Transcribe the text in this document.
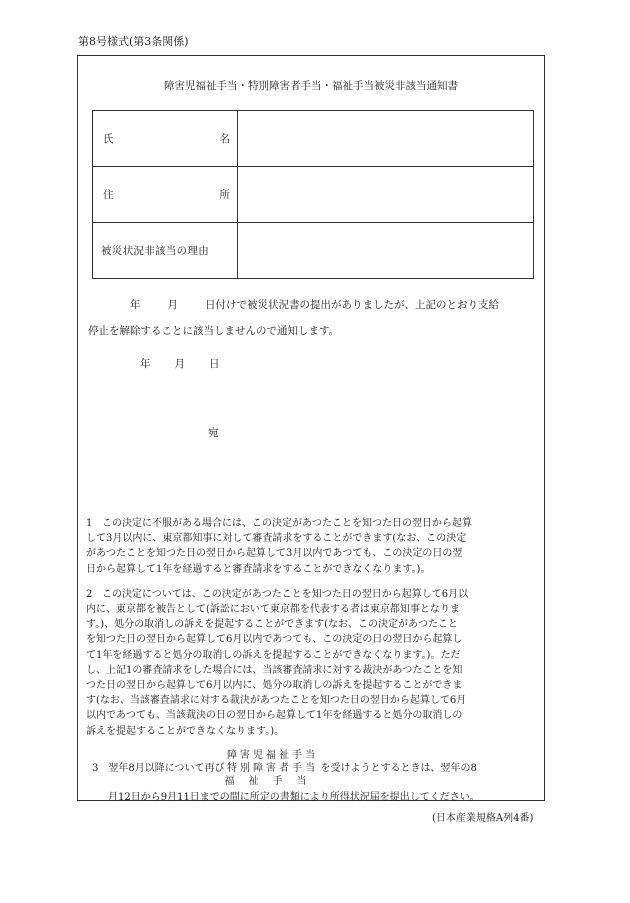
第8号様式(第3条関係)
障害児福祉手当・特別障害者手当・福祉手当被災非該当通知書
氏 名	

住 所	

被災状況非該当の理由	

年	月	日付けで被災状況書の提出がありましたが、上記のとおり支給
停止を解除することに該当しませんので通知します。
年 月 日
宛
1 この決定に不服がある場合には、この決定があつたことを知つた日の翌日から起算
して3月以内に、東京都知事に対して審査請求をすることができます(なお、この決定
があつたことを知つた日の翌日から起算して3月以内であつても、この決定の日の翌
日から起算して1年を経過すると審査請求をすることができなくなります。)。
2 この決定については、この決定があつたことを知つた日の翌日から起算して6月以
内に、東京都を被告として(訴訟において東京都を代表する者は東京都知事となりま
す。)、処分の取消しの訴えを提起することができます(なお、この決定があつたこと
を知つた日の翌日から起算して6月以内であつても、この決定の日の翌日から起算し
て1年を経過すると処分の取消しの訴えを提起することができなくなります。)。ただ
し、上記1の審査請求をした場合には、当該審査請求に対する裁決があつたことを知
つた日の翌日から起算して6月以内に、処分の取消しの訴えを提起することができま
す(なお、当該審査請求に対する裁決があつたことを知つた日の翌日から起算して6月
以内であつても、当該裁決の日の翌日から起算して1年を経過すると処分の取消しの
訴えを提起することができなくなります。)。
3 翌年8月以降について再び
障害児福祉手当
特別障害者手当
福祉手当
を受けようとするときは、翌年の8
月12日から9月11日までの間に所定の書類により所得状況届を提出してください。
(日本産業規格A列4番)
